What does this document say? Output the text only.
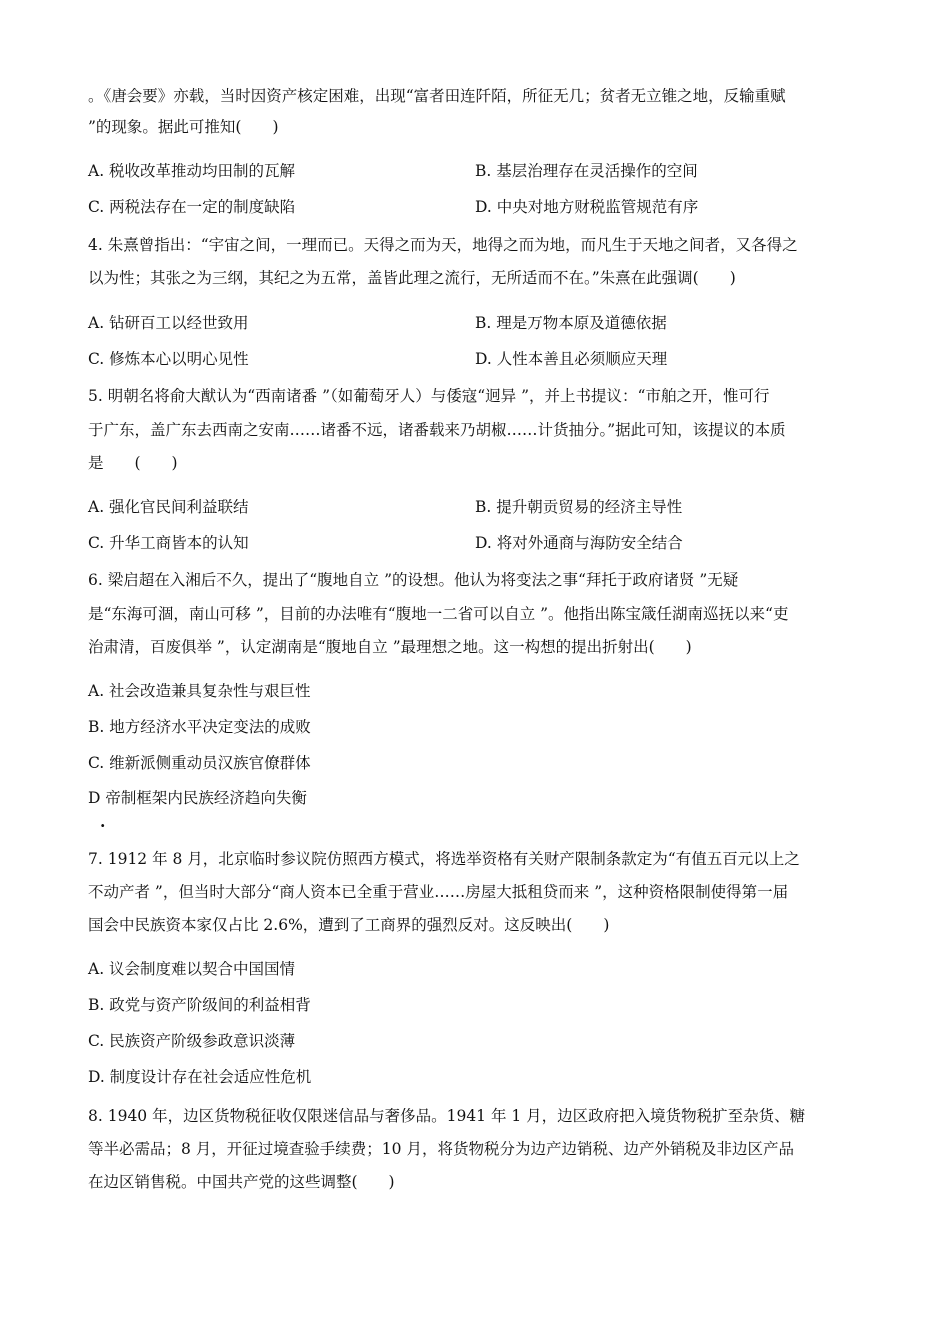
。《唐会要》亦载，当时因资产核定困难，出现“富者田连阡陌，所征无几；贫者无立锥之地，反输重赋
”的现象。据此可推知(　　)
A. 税收改革推动均田制的瓦解	B. 基层治理存在灵活操作的空间
C. 两税法存在一定的制度缺陷	D. 中央对地方财税监管规范有序
4. 朱熹曾指出：“宇宙之间，一理而已。天得之而为天，地得之而为地，而凡生于天地之间者，又各得之
以为性；其张之为三纲，其纪之为五常，盖皆此理之流行，无所适而不在。”朱熹在此强调(　　)
A. 钻研百工以经世致用	B. 理是万物本原及道德依据
C. 修炼本心以明心见性	D. 人性本善且必须顺应天理
5. 明朝名将俞大猷认为“西南诸番 ”（如葡萄牙人）与倭寇“迥异 ”，并上书提议：“市舶之开，惟可行
于广东，盖广东去西南之安南……诸番不远，诸番载来乃胡椒……计货抽分。”据此可知，该提议的本质
是　　(　　)
A. 强化官民间利益联结	B. 提升朝贡贸易的经济主导性
C. 升华工商皆本的认知	D. 将对外通商与海防安全结合
6. 梁启超在入湘后不久，提出了“腹地自立 ”的设想。他认为将变法之事“拜托于政府诸贤 ”无疑
是“东海可涸，南山可移 ”，目前的办法唯有“腹地一二省可以自立 ”。他指出陈宝箴任湖南巡抚以来“吏
治肃清，百废俱举 ”，认定湖南是“腹地自立 ”最理想之地。这一构想的提出折射出(　　)
A. 社会改造兼具复杂性与艰巨性
B. 地方经济水平决定变法的成败
C. 维新派侧重动员汉族官僚群体
D 帝制框架内民族经济趋向失衡
.
7. 1912 年 8 月，北京临时参议院仿照西方模式，将选举资格有关财产限制条款定为“有值五百元以上之
不动产者 ”，但当时大部分“商人资本已全重于营业……房屋大抵租贷而来 ”，这种资格限制使得第一届
国会中民族资本家仅占比 2.6%，遭到了工商界的强烈反对。这反映出(　　)
A. 议会制度难以契合中国国情
B. 政党与资产阶级间的利益相背
C. 民族资产阶级参政意识淡薄
D. 制度设计存在社会适应性危机
8. 1940 年，边区货物税征收仅限迷信品与奢侈品。1941 年 1 月，边区政府把入境货物税扩至杂货、糖
等半必需品；8 月，开征过境查验手续费；10 月，将货物税分为边产边销税、边产外销税及非边区产品
在边区销售税。中国共产党的这些调整(　　)
